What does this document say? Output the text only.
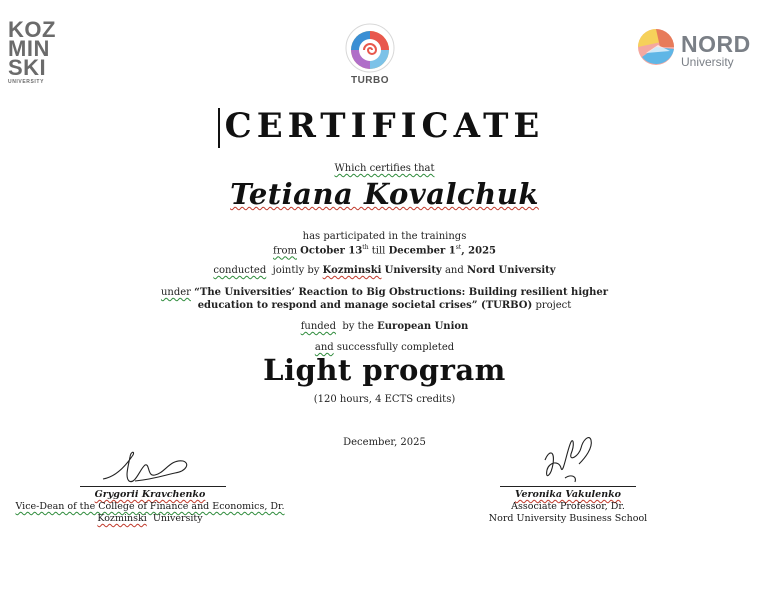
KOZ
MIN
SKI
UNIVERSITY	TURBO
NORD
University
CERTIFICATE
Which certifies that
Tetiana Kovalchuk
has participated in the trainings
from October 13th till December 1st, 2025
conducted jointly by Kozminski University and Nord University
under “The Universities’ Reaction to Big Obstructions: Building resilient higher
education to respond and manage societal crises” (TURBO) project
funded by the European Union
and successfully completed
Light program
(120 hours, 4 ECTS credits)
December, 2025
Grygorii Kravchenko
Vice-Dean of the College of Finance and Economics, Dr.
Kozminski University
Veronika Vakulenko
Associate Professor, Dr.
Nord University Business School
